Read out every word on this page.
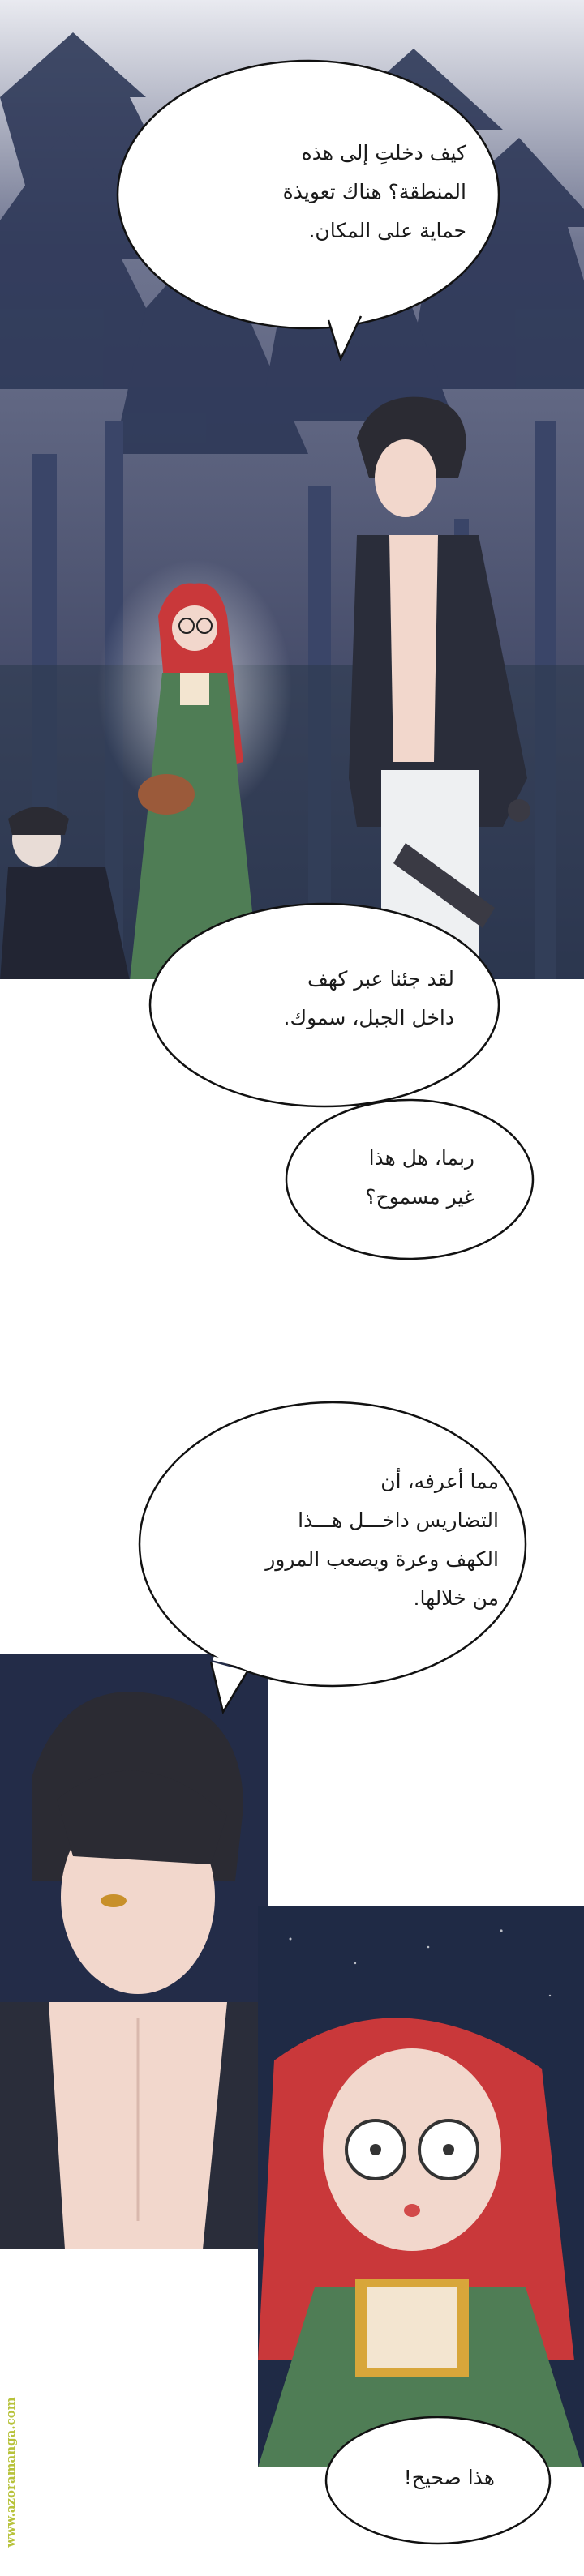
كيف دخلتِ إلى هذه
المنطقة؟ هناك تعويذة
حماية على المكان.
لقد جئنا عبر كهف
داخل الجبل، سموك.
ربما، هل هذا
غير مسموح؟
مما أعرفه، أن
التضاريس داخـــل هـــذا
الكهف وعرة ويصعب المرور
من خلالها.
هذا صحيح!
www.azoramanga.com
